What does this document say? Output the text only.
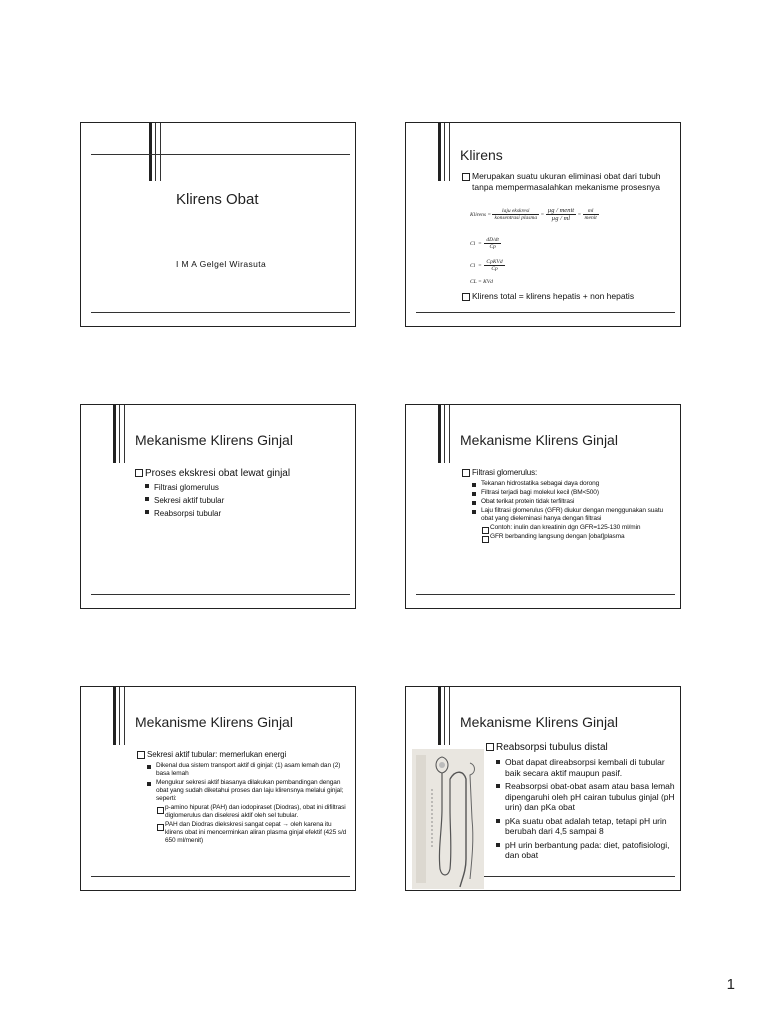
Klirens Obat
I M A Gelgel Wirasuta
Klirens
Merupakan suatu ukuran eliminasi obat dari tubuh tanpa mempermasalahkan mekanisme prosesnya
Klirens = $\frac{\text{laju ekskresi}}{\text{konsentrasi plasma}} = \frac{\text{µg / menit}}{\text{µg / ml}} = \frac{ml}{\text{menit}}$
$Cl = \frac{dD/dt}{Cp}$
$Cl = \frac{\text{CpKVd}}{Cp}$
CL = KVd
Klirens total = klirens hepatis + non hepatis
Mekanisme Klirens Ginjal
Proses ekskresi obat lewat ginjal
Filtrasi glomerulus
Sekresi aktif tubular
Reabsorpsi tubular
Mekanisme Klirens Ginjal
Filtrasi glomerulus:
Tekanan hidrostatika sebagai daya dorong
Filtrasi terjadi bagi molekul kecil (BM<500)
Obat terikat protein tidak terfiltrasi
Laju filtrasi glomerulus (GFR) diukur dengan menggunakan suatu obat yang dieleminasi hanya dengan filtrasi
Contoh: inulin dan kreatinin dgn GFR=125-130 ml/min
GFR berbanding langsung dengan [obat]plasma
Mekanisme Klirens Ginjal
Sekresi aktif tubular: memerlukan energi
Dikenal dua sistem transport aktif di ginjal: (1) asam lemah dan (2) basa lemah
Mengukur sekresi aktif biasanya dilakukan pembandingan dengan obat yang sudah diketahui proses dan laju klirensnya melalui ginjal; seperti:
p-amino hipurat (PAH) dan iodopiraset (Diodras), obat ini difiltrasi diglomerulus dan disekresi aktif oleh sel tubular.
PAH dan Diodras diekskresi sangat cepat → oleh karena itu klirens obat ini mencerminkan aliran plasma ginjal efektif (425 s/d 650 ml/menit)
Mekanisme Klirens Ginjal
Reabsorpsi tubulus distal
Obat dapat direabsorpsi kembali di tubular baik secara aktif maupun pasif.
Reabsorpsi obat-obat asam atau basa lemah dipengaruhi oleh pH cairan tubulus ginjal (pH urin) dan pKa obat
pKa suatu obat adalah tetap, tetapi pH urin berubah dari 4,5 sampai 8
pH urin berbantung pada: diet, patofisiologi, dan obat
1
